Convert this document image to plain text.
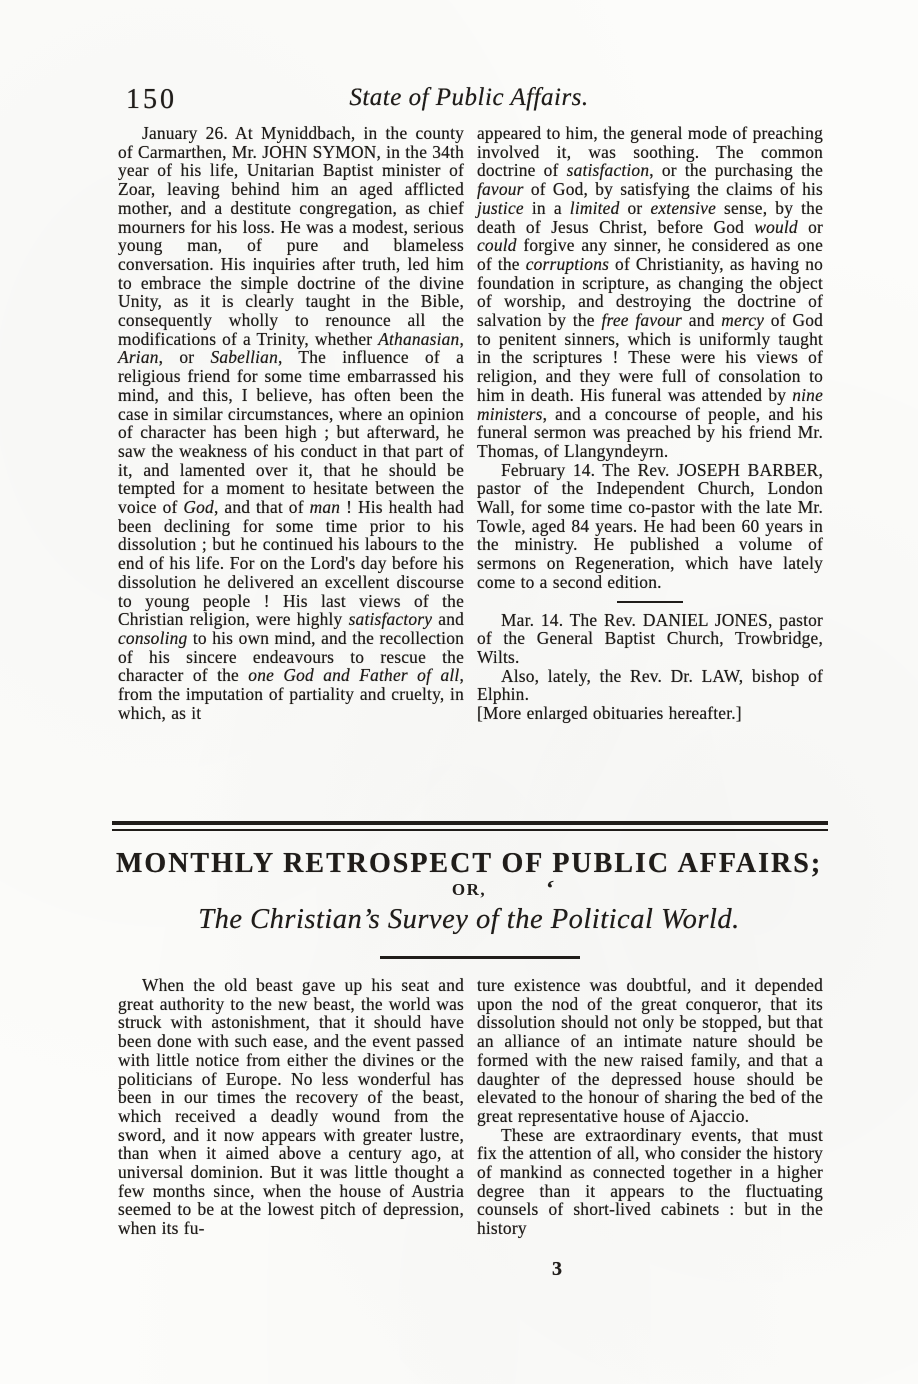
150	State of Public Affairs.

January 26. At Myniddbach, in the county of Carmarthen, Mr. JOHN SYMON, in the 34th year of his life, Unitarian Baptist minister of Zoar, leaving behind him an aged afflicted mother, and a destitute congregation, as chief mourners for his loss. He was a modest, serious young man, of pure and blameless conversation. His inquiries after truth, led him to embrace the simple doctrine of the divine Unity, as it is clearly taught in the Bible, consequently wholly to renounce all the modifications of a Trinity, whether Athanasian, Arian, or Sabellian, The influence of a religious friend for some time embarrassed his mind, and this, I believe, has often been the case in similar circumstances, where an opinion of character has been high ; but afterward, he saw the weakness of his conduct in that part of it, and lamented over it, that he should be tempted for a moment to hesitate between the voice of God, and that of man ! His health had been declining for some time prior to his dissolution ; but he continued his labours to the end of his life. For on the Lord's day before his dissolution he delivered an excellent discourse to young people ! His last views of the Christian religion, were highly satisfactory and consoling to his own mind, and the recollection of his sincere endeavours to rescue the character of the one God and Father of all, from the imputation of partiality and cruelty, in which, as it

appeared to him, the general mode of preaching involved it, was soothing. The common doctrine of satisfaction, or the purchasing the favour of God, by satisfying the claims of his justice in a limited or extensive sense, by the death of Jesus Christ, before God would or could forgive any sinner, he considered as one of the corruptions of Christianity, as having no foundation in scripture, as changing the object of worship, and destroying the doctrine of salvation by the free favour and mercy of God to penitent sinners, which is uniformly taught in the scriptures ! These were his views of religion, and they were full of consolation to him in death. His funeral was attended by nine ministers, and a concourse of people, and his funeral sermon was preached by his friend Mr. Thomas, of Llangyndeyrn.

February 14. The Rev. JOSEPH BARBER, pastor of the Independent Church, London Wall, for some time co-pastor with the late Mr. Towle, aged 84 years. He had been 60 years in the ministry. He published a volume of sermons on Regeneration, which have lately come to a second edition.

Mar. 14. The Rev. DANIEL JONES, pastor of the General Baptist Church, Trowbridge, Wilts.

Also, lately, the Rev. Dr. LAW, bishop of Elphin.

[More enlarged obituaries hereafter.]

MONTHLY RETROSPECT OF PUBLIC AFFAIRS;
OR,	‘
The Christian’s Survey of the Political World.

When the old beast gave up his seat and great authority to the new beast, the world was struck with astonishment, that it should have been done with such ease, and the event passed with little notice from either the divines or the politicians of Europe. No less wonderful has been in our times the recovery of the beast, which received a deadly wound from the sword, and it now appears with greater lustre, than when it aimed above a century ago, at universal dominion. But it was little thought a few months since, when the house of Austria seemed to be at the lowest pitch of depression, when its fu-

ture existence was doubtful, and it depended upon the nod of the great conqueror, that its dissolution should not only be stopped, but that an alliance of an intimate nature should be formed with the new raised family, and that a daughter of the depressed house should be elevated to the honour of sharing the bed of the great representative house of Ajaccio.

These are extraordinary events, that must fix the attention of all, who consider the history of mankind as connected together in a higher degree than it appears to the fluctuating counsels of short-lived cabinets : but in the history

3
